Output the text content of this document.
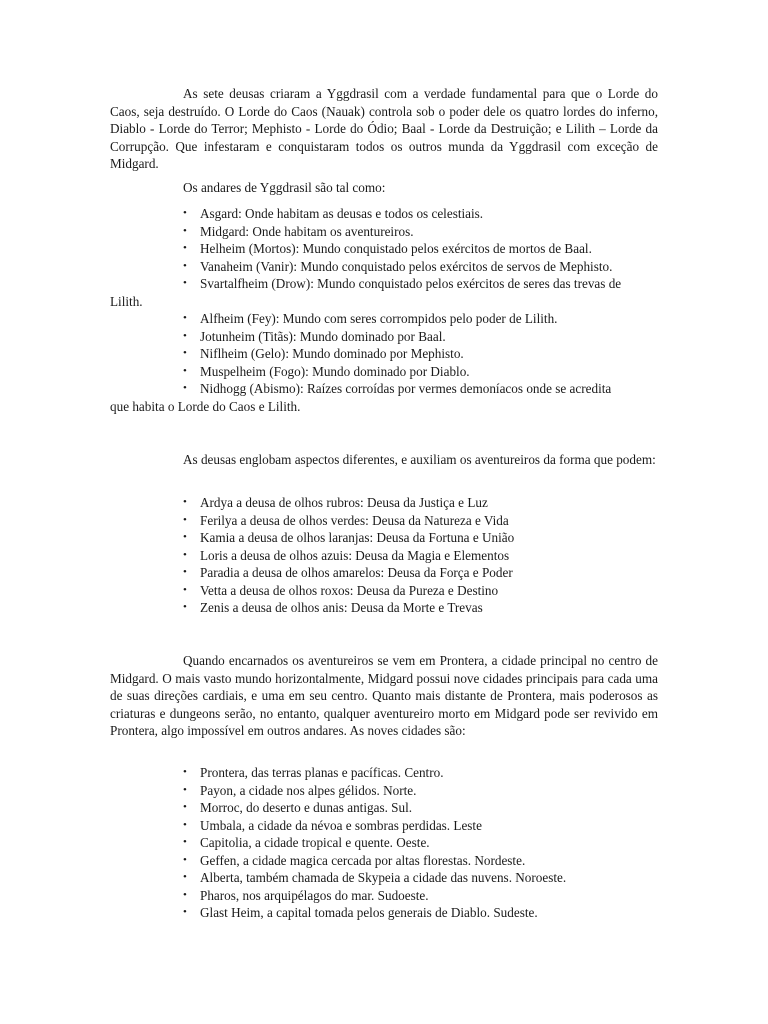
As sete deusas criaram a Yggdrasil com a verdade fundamental para que o Lorde do Caos, seja destruído. O Lorde do Caos (Nauak) controla sob o poder dele os quatro lordes do inferno, Diablo - Lorde do Terror; Mephisto - Lorde do Ódio; Baal - Lorde da Destruição; e Lilith – Lorde da Corrupção. Que infestaram e conquistaram todos os outros munda da Yggdrasil com exceção de Midgard.

Os andares de Yggdrasil são tal como:

• Asgard: Onde habitam as deusas e todos os celestiais.
• Midgard: Onde habitam os aventureiros.
• Helheim (Mortos): Mundo conquistado pelos exércitos de mortos de Baal.
• Vanaheim (Vanir): Mundo conquistado pelos exércitos de servos de Mephisto.
• Svartalfheim (Drow): Mundo conquistado pelos exércitos de seres das trevas de
Lilith.
• Alfheim (Fey): Mundo com seres corrompidos pelo poder de Lilith.
• Jotunheim (Titãs): Mundo dominado por Baal.
• Niflheim (Gelo): Mundo dominado por Mephisto.
• Muspelheim (Fogo): Mundo dominado por Diablo.
• Nidhogg (Abismo): Raízes corroídas por vermes demoníacos onde se acredita
que habita o Lorde do Caos e Lilith.

As deusas englobam aspectos diferentes, e auxiliam os aventureiros da forma que podem:

• Ardya a deusa de olhos rubros: Deusa da Justiça e Luz
• Ferilya a deusa de olhos verdes: Deusa da Natureza e Vida
• Kamia a deusa de olhos laranjas: Deusa da Fortuna e União
• Loris a deusa de olhos azuis: Deusa da Magia e Elementos
• Paradia a deusa de olhos amarelos: Deusa da Força e Poder
• Vetta a deusa de olhos roxos: Deusa da Pureza e Destino
• Zenis a deusa de olhos anis: Deusa da Morte e Trevas

Quando encarnados os aventureiros se vem em Prontera, a cidade principal no centro de Midgard. O mais vasto mundo horizontalmente, Midgard possui nove cidades principais para cada uma de suas direções cardiais, e uma em seu centro. Quanto mais distante de Prontera, mais poderosos as criaturas e dungeons serão, no entanto, qualquer aventureiro morto em Midgard pode ser revivido em Prontera, algo impossível em outros andares. As noves cidades são:

• Prontera, das terras planas e pacíficas. Centro.
• Payon, a cidade nos alpes gélidos. Norte.
• Morroc, do deserto e dunas antigas. Sul.
• Umbala, a cidade da névoa e sombras perdidas. Leste
• Capitolia, a cidade tropical e quente. Oeste.
• Geffen, a cidade magica cercada por altas florestas. Nordeste.
• Alberta, também chamada de Skypeia a cidade das nuvens. Noroeste.
• Pharos, nos arquipélagos do mar. Sudoeste.
• Glast Heim, a capital tomada pelos generais de Diablo. Sudeste.
